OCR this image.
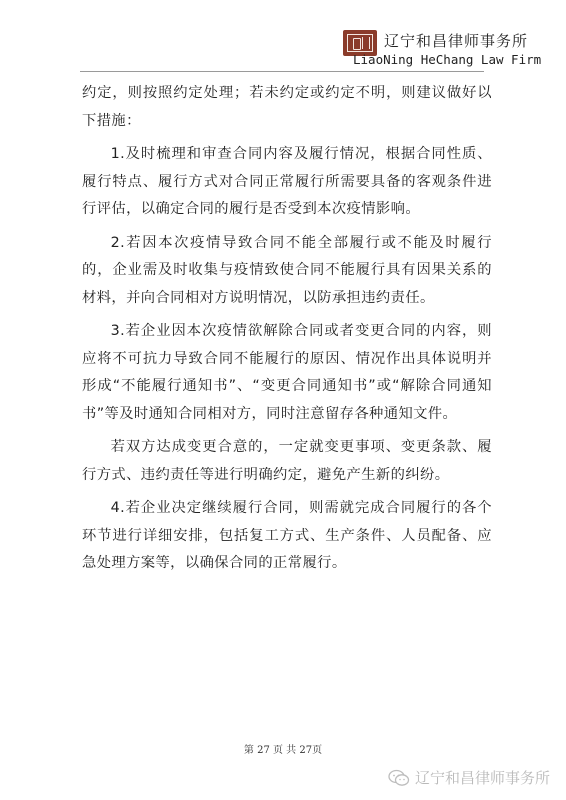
辽宁和昌律师事务所
LiaoNing HeChang Law Firm

约定，则按照约定处理；若未约定或约定不明，则建议做好以下措施：

1.及时梳理和审查合同内容及履行情况，根据合同性质、履行特点、履行方式对合同正常履行所需要具备的客观条件进行评估，以确定合同的履行是否受到本次疫情影响。

2.若因本次疫情导致合同不能全部履行或不能及时履行的，企业需及时收集与疫情致使合同不能履行具有因果关系的材料，并向合同相对方说明情况，以防承担违约责任。

3.若企业因本次疫情欲解除合同或者变更合同的内容，则应将不可抗力导致合同不能履行的原因、情况作出具体说明并形成“不能履行通知书”、“变更合同通知书”或“解除合同通知书”等及时通知合同相对方，同时注意留存各种通知文件。

若双方达成变更合意的，一定就变更事项、变更条款、履行方式、违约责任等进行明确约定，避免产生新的纠纷。

4.若企业决定继续履行合同，则需就完成合同履行的各个环节进行详细安排，包括复工方式、生产条件、人员配备、应急处理方案等，以确保合同的正常履行。

第 27 页 共 27页
辽宁和昌律师事务所
